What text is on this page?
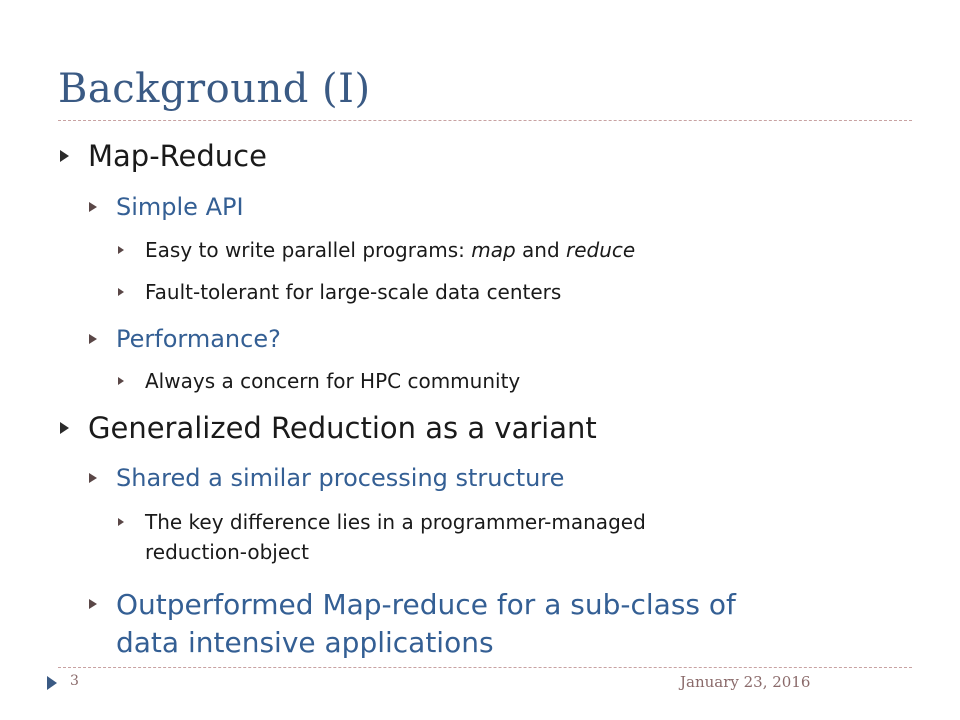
Background (I)
Map-Reduce
Simple API
Easy to write parallel programs: map and reduce
Fault-tolerant for large-scale data centers
Performance?
Always a concern for HPC community
Generalized Reduction as a variant
Shared a similar processing structure
The key difference lies in a programmer-managed
reduction-object
Outperformed Map-reduce for a sub-class of
data intensive applications
3	January 23, 2016
